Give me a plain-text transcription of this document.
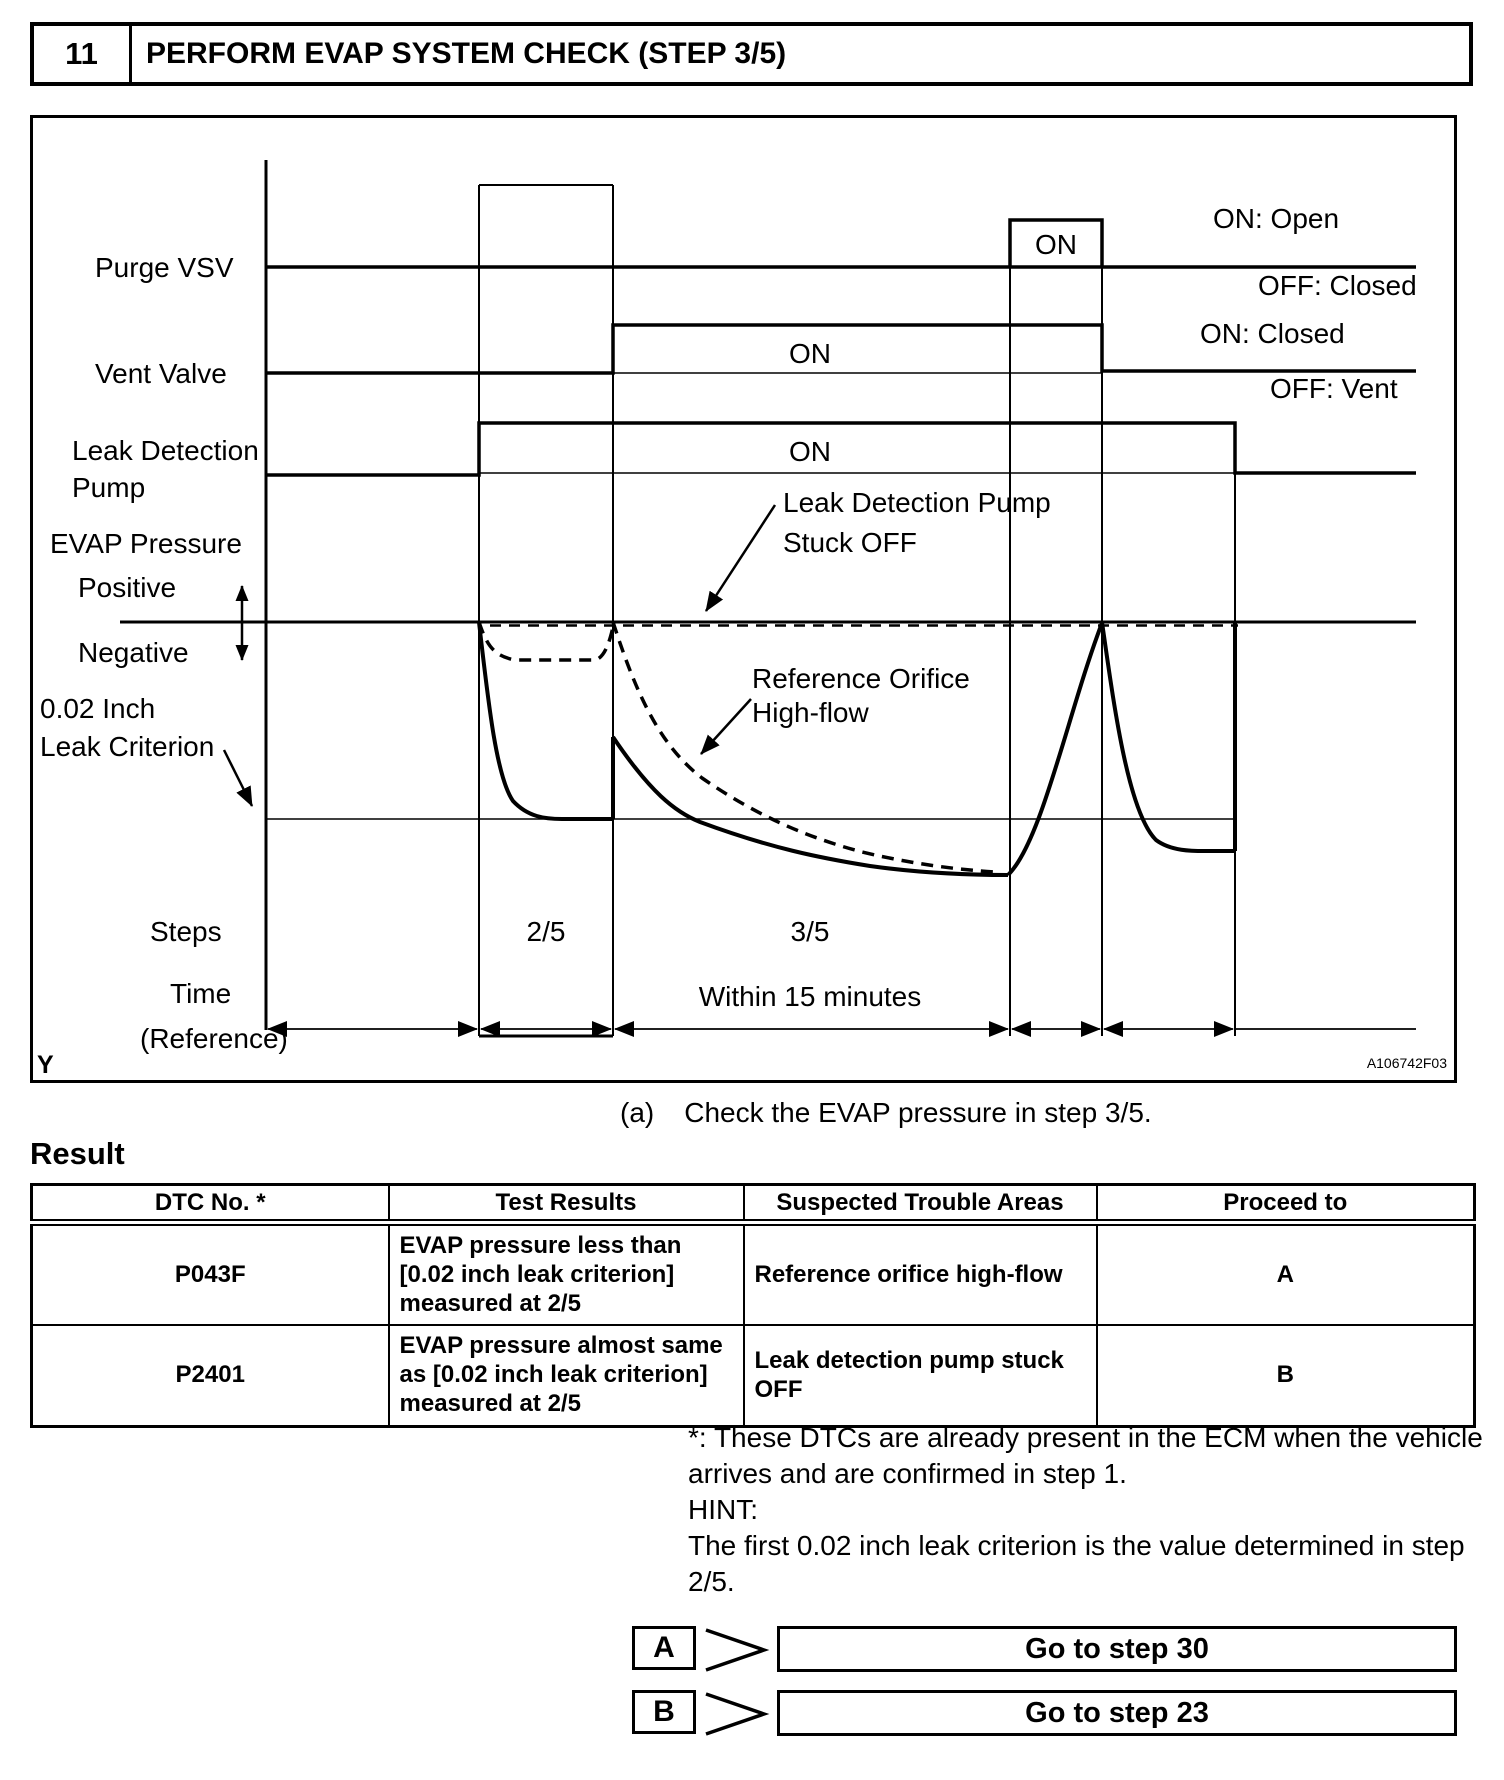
11	PERFORM EVAP SYSTEM CHECK (STEP 3/5)
Purge VSV
Vent Valve
Leak Detection
Pump
EVAP Pressure
Positive
Negative
0.02 Inch
Leak Criterion
ON
ON
ON
ON: Open
OFF: Closed
ON: Closed
OFF: Vent
Leak Detection Pump
Stuck OFF
Reference Orifice
High-flow
Steps	2/5	3/5
Within 15 minutes
Time
(Reference)
Y	A106742F03
(a) Check the EVAP pressure in step 3/5.
Result
DTC No. *	Test Results	Suspected Trouble Areas	Proceed to
P043F	EVAP pressure less than [0.02 inch leak criterion] measured at 2/5	Reference orifice high-flow	A
P2401	EVAP pressure almost same as [0.02 inch leak criterion] measured at 2/5	Leak detection pump stuck OFF	B

*: These DTCs are already present in the ECM when the vehicle arrives and are confirmed in step 1.

HINT:

The first 0.02 inch leak criterion is the value determined in step 2/5.

A	Go to step 30
B	Go to step 23
